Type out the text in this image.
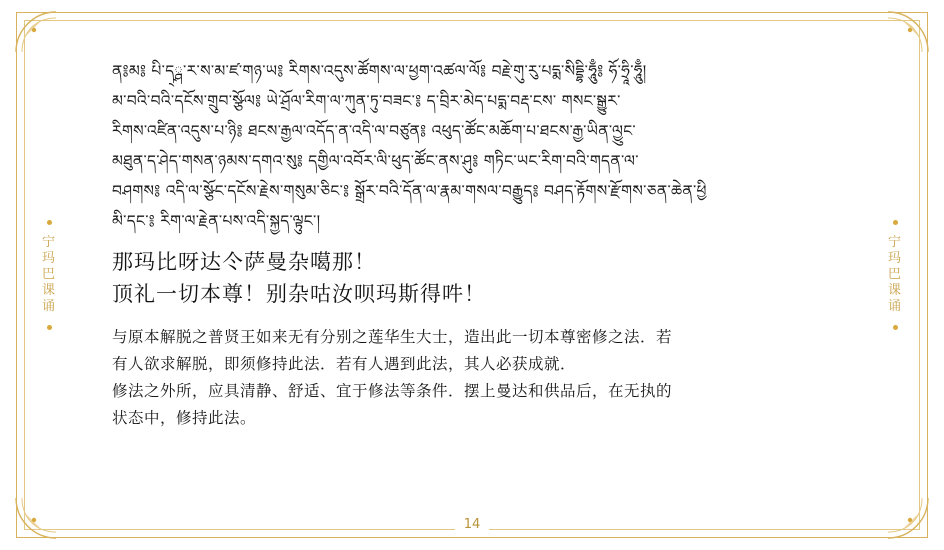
宁玛巴课诵
宁玛巴课诵
ན༔མ༔ པི་ད྄ྴ་ར་ས་མ་ཛ་གཉ་ཡ༔ རིགས་འདུས་ཚོགས་ལ་ཕྱག་འཚལ་ལོ༔ བརྗེ་གུ་རུ་པདྨ་སིདྡྷི་ཧཱུྃ༔ ཧོ་ཧྲཱི་ཧཱུྃ།
མ་བའི་བའི་དངོས་གྲུབ་སྩོལ༔ ཡེ་ཤྲོལ་རིག་ལ་ཀུན་ཏུ་བཟང་༔ ད་བྲིར་མེད་པདྨ་བརྡ་ངས་ གསང་སྒྱུར་
རིགས་འཛིན་འདུས་པ་ཉི༔ ཐངས་རྒྱལ་འདོད་ན་འདི་ལ་བཙུན༔ འཕུད་ཚོང་མཆོག་པ་ཐངས་རྒྱ་ཡིན་ལྱུང་
མཐུན་ད་ཤེད་གསན་ཉམས་དགའ་སུ༔ དགྱིལ་འབོར་ལི་ཕུད་ཚོང་ནས་ཤུ༔ གཏིང་ཡང་རིག་བའི་གདན་ལ་
བཤགས༔ འདི་ལ་སྩོང་དངོས་རྗེས་གསུམ་ཅིང་༔ སྒྲོར་བའི་དོན་ལ་རྣམ་གསལ་བརྒྱུད༔ བཤད་རྟོགས་རྫོགས་ཅན་ཆེན་ཕྱི
མི་དང་༔ རིག་ལ་རྗེན་པས་འདི་སྐྱད་ལྟུང་།
那玛比呀达仒萨曼杂噶那！
顶礼一切本尊！别杂咕汝呗玛斯得吽！
与原本解脱之普贤王如来无有分别之莲华生大士，造出此一切本尊密修之法．若
有人欲求解脱，即须修持此法．若有人遇到此法，其人必获成就．
修法之外所，应具清静、舒适、宜于修法等条件．摆上曼达和供品后，在无执的
状态中，修持此法。
14
